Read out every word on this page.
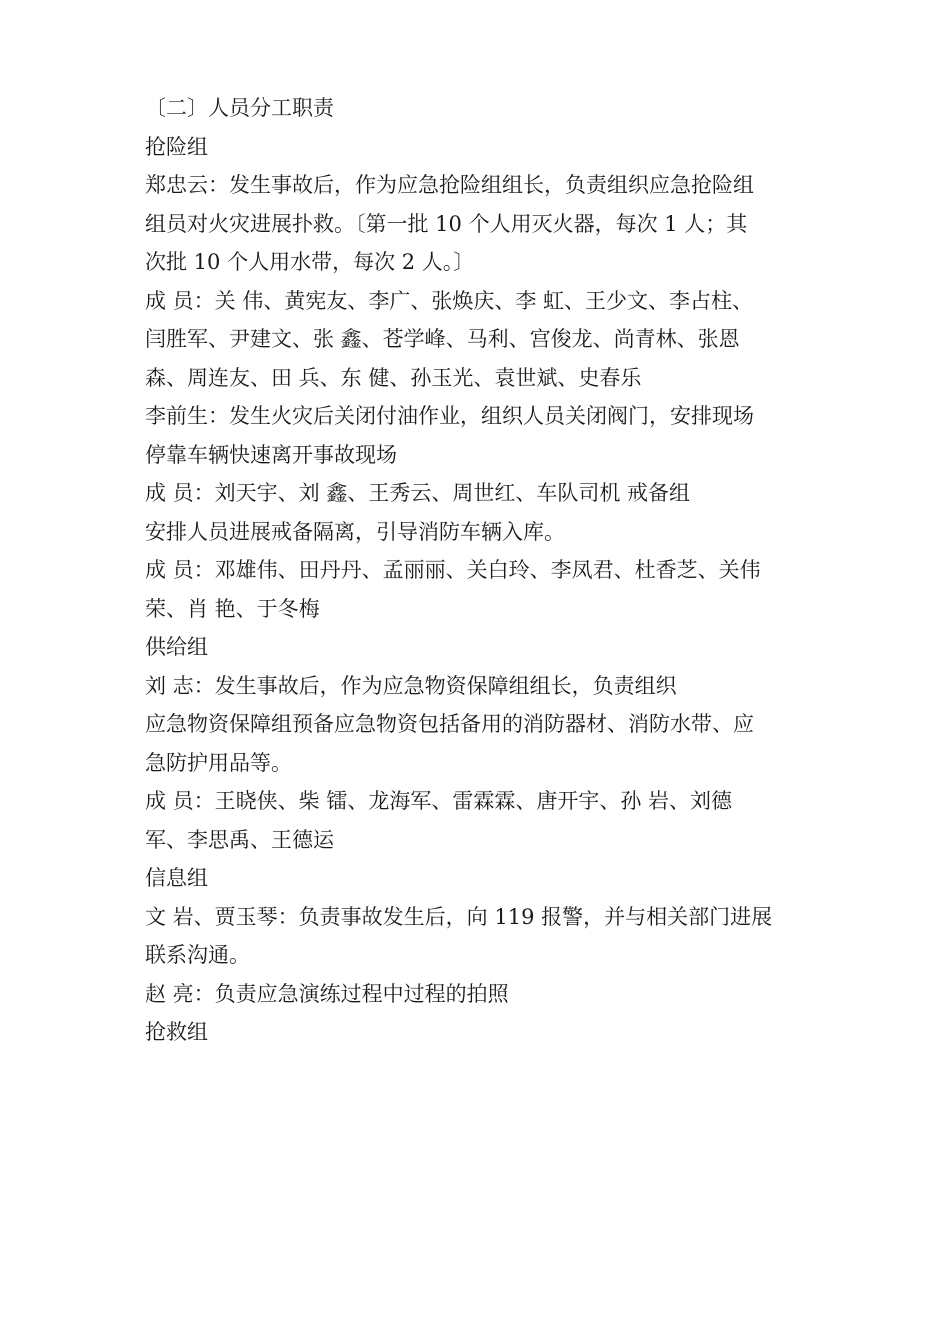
〔二〕人员分工职责
抢险组
郑忠云：发生事故后，作为应急抢险组组长，负责组织应急抢险组
组员对火灾进展扑救。〔第一批 10 个人用灭火器，每次 1 人；其
次批 10 个人用水带，每次 2 人。〕
成 员：关 伟、黄宪友、李广、张焕庆、李 虹、王少文、李占柱、
闫胜军、尹建文、张 鑫、苍学峰、马利、宫俊龙、尚青林、张恩
森、周连友、田 兵、东 健、孙玉光、袁世斌、史春乐
李前生：发生火灾后关闭付油作业，组织人员关闭阀门，安排现场
停靠车辆快速离开事故现场
成 员：刘天宇、刘 鑫、王秀云、周世红、车队司机 戒备组
安排人员进展戒备隔离，引导消防车辆入库。
成 员：邓雄伟、田丹丹、孟丽丽、关白玲、李凤君、杜香芝、关伟
荣、肖 艳、于冬梅
供给组
刘 志：发生事故后，作为应急物资保障组组长，负责组织
应急物资保障组预备应急物资包括备用的消防器材、消防水带、应
急防护用品等。
成 员：王晓侠、柴 镭、龙海军、雷霖霖、唐开宇、孙 岩、刘德
军、李思禹、王德运
信息组
文 岩、贾玉琴：负责事故发生后，向 119 报警，并与相关部门进展
联系沟通。
赵 亮：负责应急演练过程中过程的拍照
抢救组
